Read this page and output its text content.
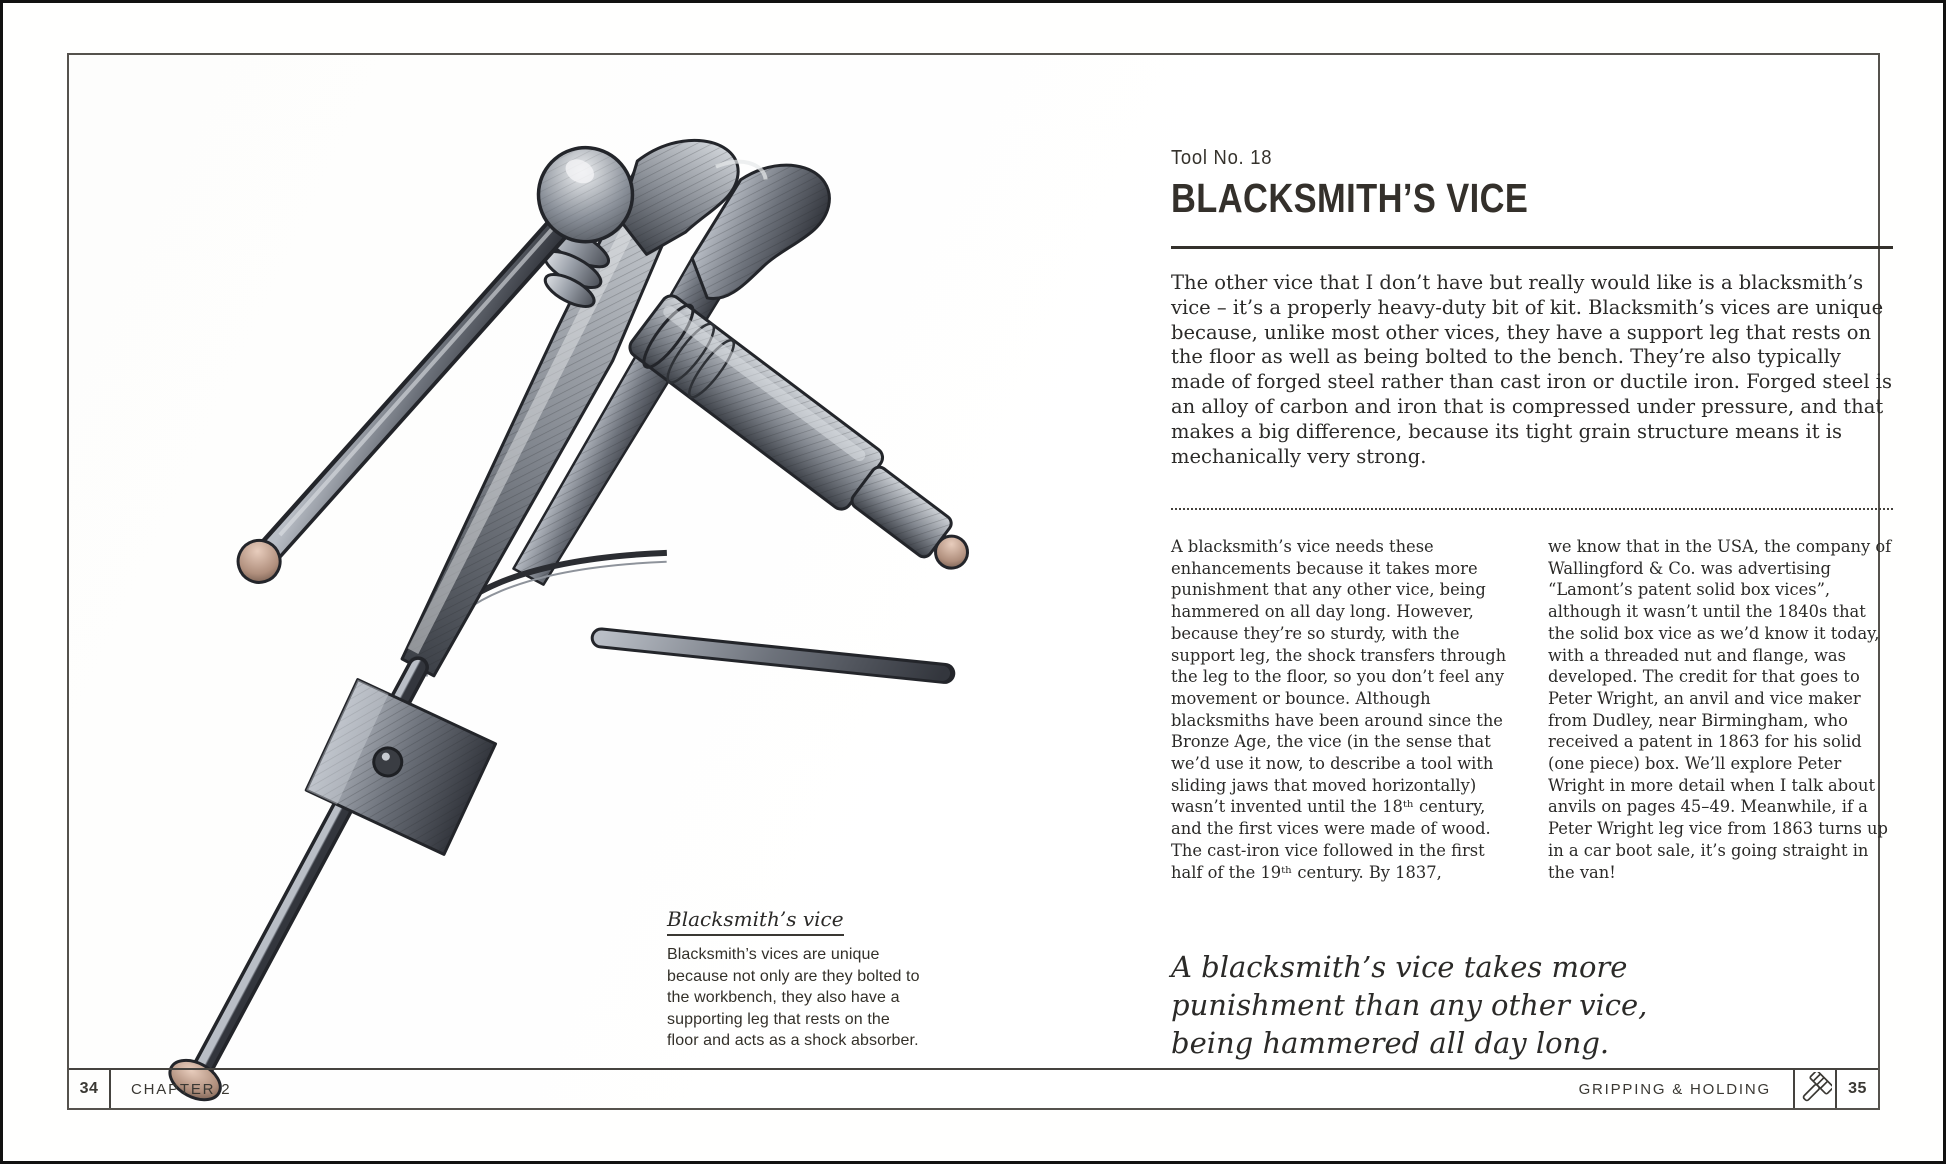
Blacksmith’s vice
Blacksmith’s vices are unique because not only are they bolted to the workbench, they also have a supporting leg that rests on the floor and acts as a shock absorber.
Tool No. 18
BLACKSMITH’S VICE

The other vice that I don’t have but really would like is a blacksmith’s vice – it’s a properly heavy-duty bit of kit. Blacksmith’s vices are unique because, unlike most other vices, they have a support leg that rests on the floor as well as being bolted to the bench. They’re also typically made of forged steel rather than cast iron or ductile iron. Forged steel is an alloy of carbon and iron that is compressed under pressure, and that makes a big difference, because its tight grain structure means it is mechanically very strong.

A blacksmith’s vice needs these enhancements because it takes more punishment that any other vice, being hammered on all day long. However, because they’re so sturdy, with the support leg, the shock transfers through the leg to the floor, so you don’t feel any movement or bounce. Although blacksmiths have been around since the Bronze Age, the vice (in the sense that we’d use it now, to describe a tool with sliding jaws that moved horizontally) wasn’t invented until the 18ᵗʰ century, and the first vices were made of wood. The cast-iron vice followed in the first half of the 19ᵗʰ century. By 1837,
we know that in the USA, the company of Wallingford & Co. was advertising “Lamont’s patent solid box vices”, although it wasn’t until the 1840s that the solid box vice as we’d know it today, with a threaded nut and flange, was developed. The credit for that goes to Peter Wright, an anvil and vice maker from Dudley, near Birmingham, who received a patent in 1863 for his solid (one piece) box. We’ll explore Peter Wright in more detail when I talk about anvils on pages 45–49. Meanwhile, if a Peter Wright leg vice from 1863 turns up in a car boot sale, it’s going straight in the van!
A blacksmith’s vice takes more
punishment than any other vice,
being hammered all day long.
34	CHAPTER 2	GRIPPING & HOLDING	35
